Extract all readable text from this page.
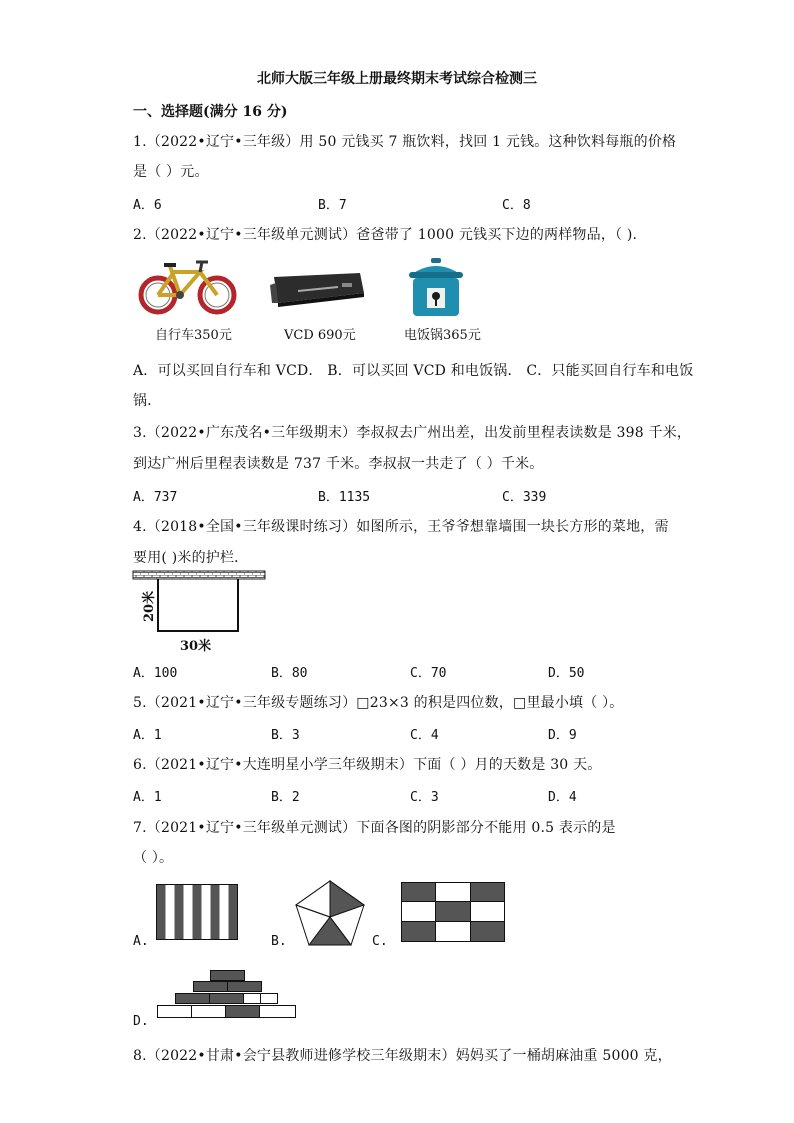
北师大版三年级上册最终期末考试综合检测三
一、选择题(满分 16 分)
1.（2022•辽宁•三年级）用 50 元钱买 7 瓶饮料，找回 1 元钱。这种饮料每瓶的价格
是（ ）元。
A．6	B．7	C．8
2.（2022•辽宁•三年级单元测试）爸爸带了 1000 元钱买下边的两样物品，（ ).
自行车350元	VCD 690元	电饭锅365元
A．可以买回自行车和 VCD． B．可以买回 VCD 和电饭锅． C．只能买回自行车和电饭
锅．
3.（2022•广东茂名•三年级期末）李叔叔去广州出差，出发前里程表读数是 398 千米，
到达广州后里程表读数是 737 千米。李叔叔一共走了（ ）千米。
A．737	B．1135	C．339
4.（2018•全国•三年级课时练习）如图所示，王爷爷想靠墙围一块长方形的菜地，需
要用( )米的护栏．
20米
30米
A．100	B．80	C．70	D．50
5.（2021•辽宁•三年级专题练习）□23×3 的积是四位数，□里最小填（ ）。
A．1	B．3	C．4	D．9
6.（2021•辽宁•大连明星小学三年级期末）下面（ ）月的天数是 30 天。
A．1	B．2	C．3	D．4
7.（2021•辽宁•三年级单元测试）下面各图的阴影部分不能用 0.5 表示的是
（ ）。
A.	B.	C.
D.
8.（2022•甘肃•会宁县教师进修学校三年级期末）妈妈买了一桶胡麻油重 5000 克，
